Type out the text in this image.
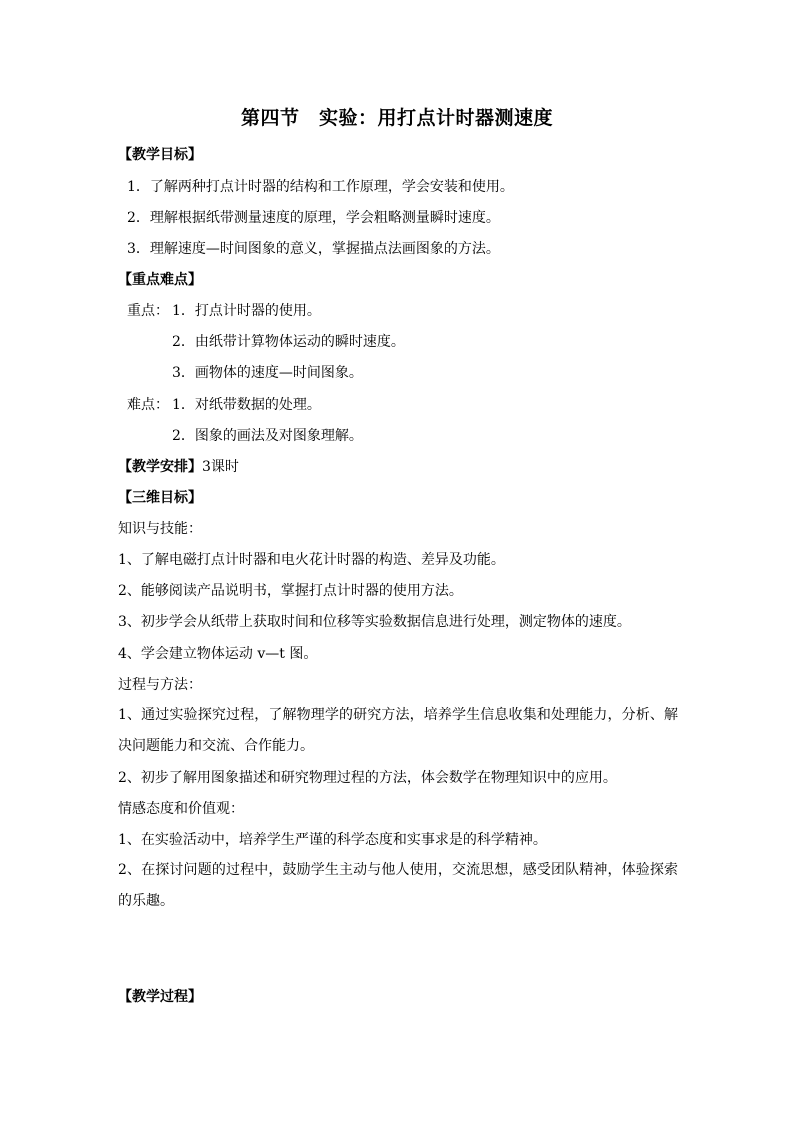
第四节　实验：用打点计时器测速度
【教学目标】
1．了解两种打点计时器的结构和工作原理，学会安装和使用。
2．理解根据纸带测量速度的原理，学会粗略测量瞬时速度。
3．理解速度—时间图象的意义，掌握描点法画图象的方法。
【重点难点】
重点： 1．打点计时器的使用。
2．由纸带计算物体运动的瞬时速度。
3．画物体的速度—时间图象。
难点： 1．对纸带数据的处理。
2．图象的画法及对图象理解。
【教学安排】3课时
【三维目标】
知识与技能：
1、了解电磁打点计时器和电火花计时器的构造、差异及功能。
2、能够阅读产品说明书，掌握打点计时器的使用方法。
3、初步学会从纸带上获取时间和位移等实验数据信息进行处理，测定物体的速度。
4、学会建立物体运动 v—t 图。
过程与方法：
1、通过实验探究过程，了解物理学的研究方法，培养学生信息收集和处理能力，分析、解决问题能力和交流、合作能力。
2、初步了解用图象描述和研究物理过程的方法，体会数学在物理知识中的应用。
情感态度和价值观：
1、在实验活动中，培养学生严谨的科学态度和实事求是的科学精神。
2、在探讨问题的过程中，鼓励学生主动与他人使用，交流思想，感受团队精神，体验探索的乐趣。
【教学过程】
